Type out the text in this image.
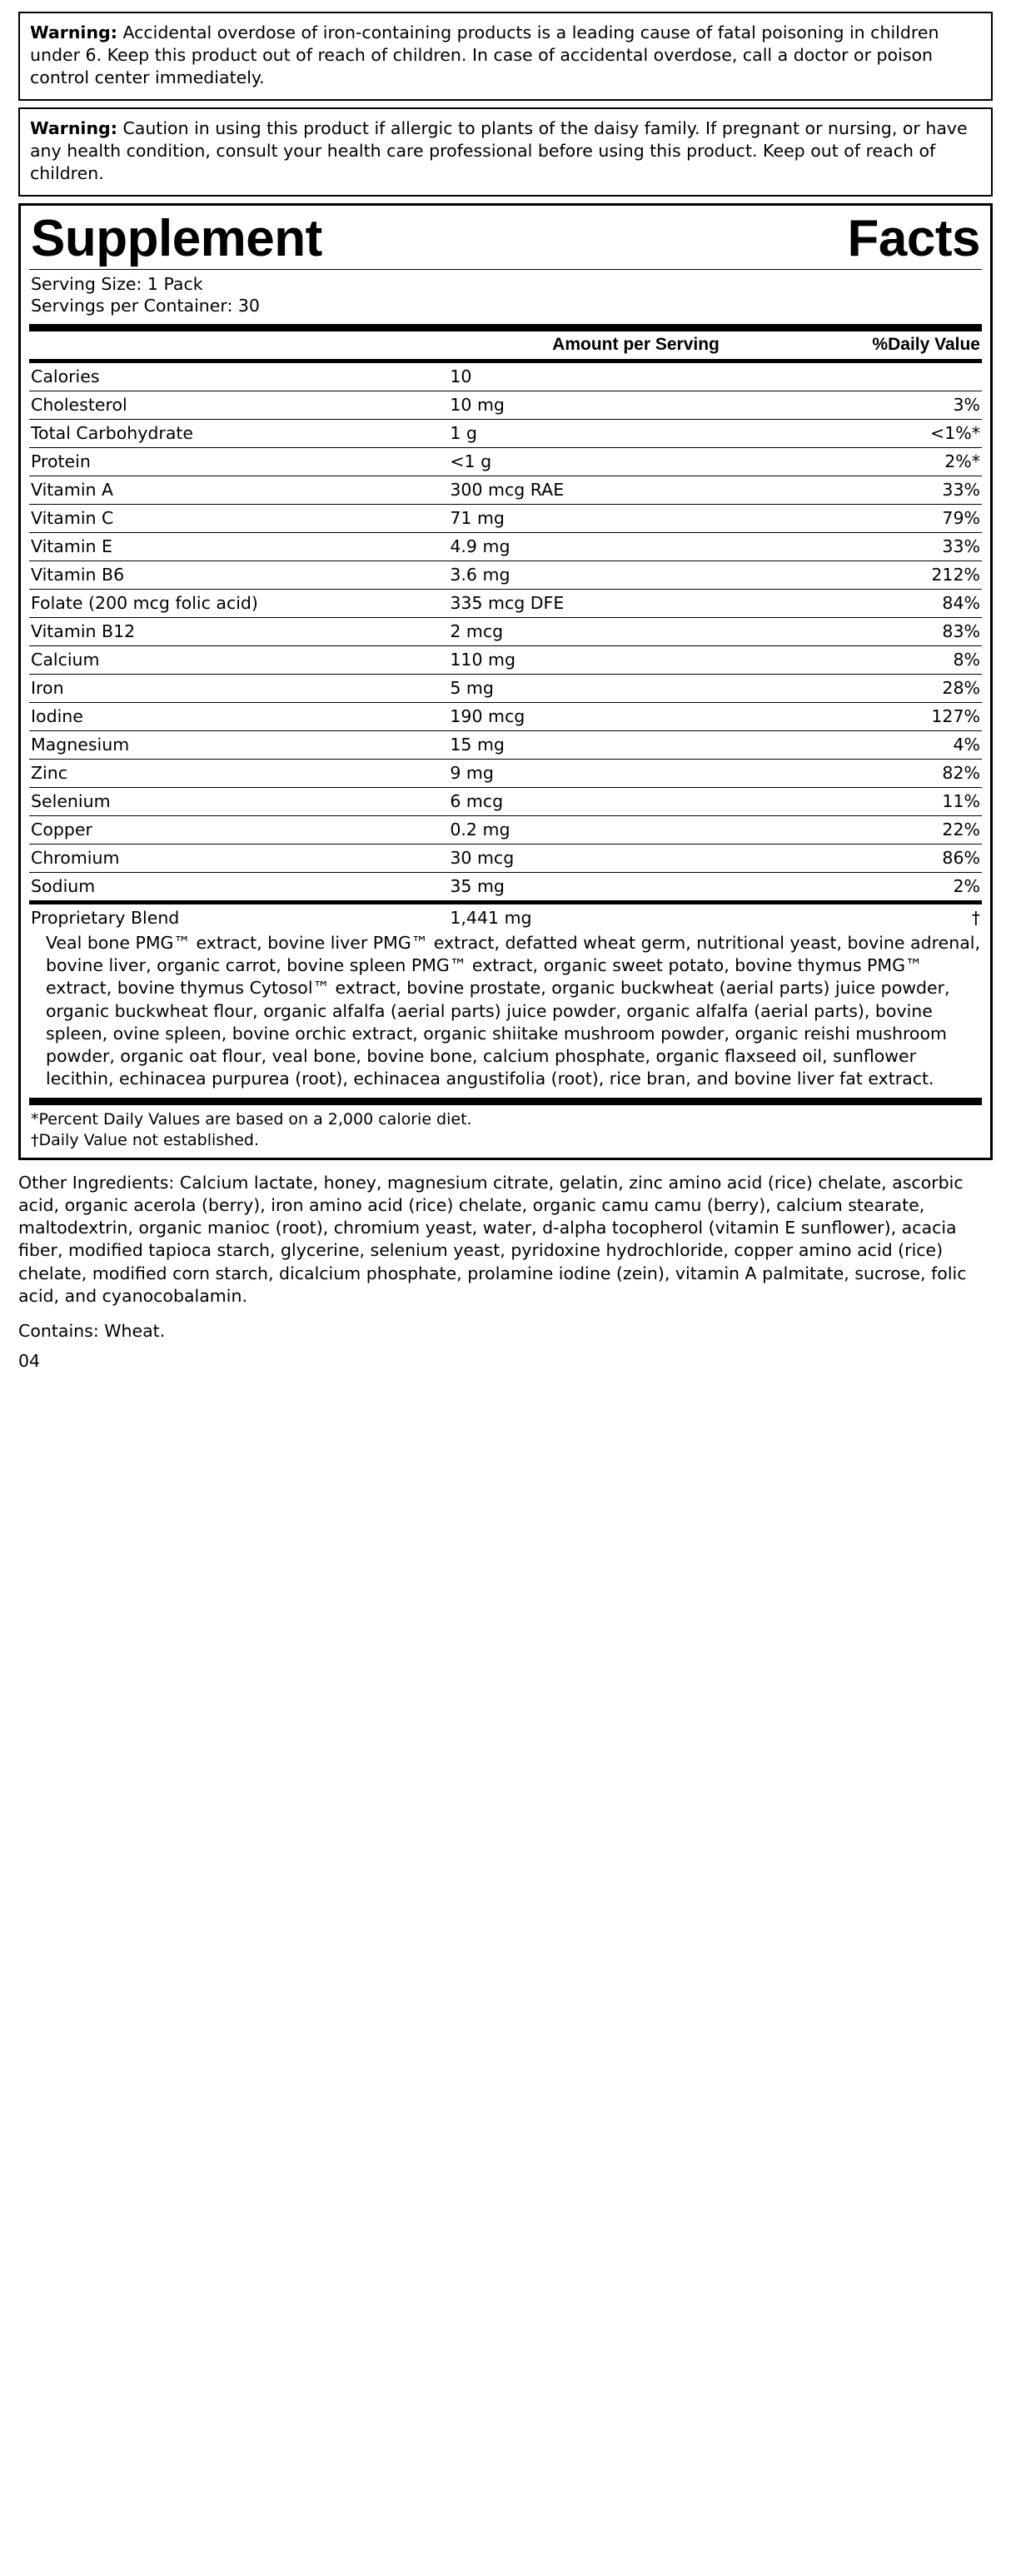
Warning: Accidental overdose of iron-containing products is a leading cause of fatal poisoning in children under 6. Keep this product out of reach of children. In case of accidental overdose, call a doctor or poison control center immediately.

Warning: Caution in using this product if allergic to plants of the daisy family. If pregnant or nursing, or have any health condition, consult your health care professional before using this product. Keep out of reach of children.

Supplement	Facts
Serving Size: 1 Pack
Servings per Container: 30
	Amount per Serving	%Daily Value
Calories	10	
Cholesterol	10 mg	3%
Total Carbohydrate	1 g	<1%*
Protein	<1 g	2%*
Vitamin A	300 mcg RAE	33%
Vitamin C	71 mg	79%
Vitamin E	4.9 mg	33%
Vitamin B6	3.6 mg	212%
Folate (200 mcg folic acid)	335 mcg DFE	84%
Vitamin B12	2 mcg	83%
Calcium	110 mg	8%
Iron	5 mg	28%
Iodine	190 mcg	127%
Magnesium	15 mg	4%
Zinc	9 mg	82%
Selenium	6 mcg	11%
Copper	0.2 mg	22%
Chromium	30 mcg	86%
Sodium	35 mg	2%
Proprietary Blend	1,441 mg	†
Veal bone PMG™ extract, bovine liver PMG™ extract, defatted wheat germ, nutritional yeast, bovine adrenal, bovine liver, organic carrot, bovine spleen PMG™ extract, organic sweet potato, bovine thymus PMG™ extract, bovine thymus Cytosol™ extract, bovine prostate, organic buckwheat (aerial parts) juice powder, organic buckwheat flour, organic alfalfa (aerial parts) juice powder, organic alfalfa (aerial parts), bovine spleen, ovine spleen, bovine orchic extract, organic shiitake mushroom powder, organic reishi mushroom powder, organic oat flour, veal bone, bovine bone, calcium phosphate, organic flaxseed oil, sunflower lecithin, echinacea purpurea (root), echinacea angustifolia (root), rice bran, and bovine liver fat extract.
*Percent Daily Values are based on a 2,000 calorie diet.
†Daily Value not established.
Other Ingredients: Calcium lactate, honey, magnesium citrate, gelatin, zinc amino acid (rice) chelate, ascorbic acid, organic acerola (berry), iron amino acid (rice) chelate, organic camu camu (berry), calcium stearate, maltodextrin, organic manioc (root), chromium yeast, water, d-alpha tocopherol (vitamin E sunflower), acacia fiber, modified tapioca starch, glycerine, selenium yeast, pyridoxine hydrochloride, copper amino acid (rice) chelate, modified corn starch, dicalcium phosphate, prolamine iodine (zein), vitamin A palmitate, sucrose, folic acid, and cyanocobalamin.
Contains: Wheat.
04
